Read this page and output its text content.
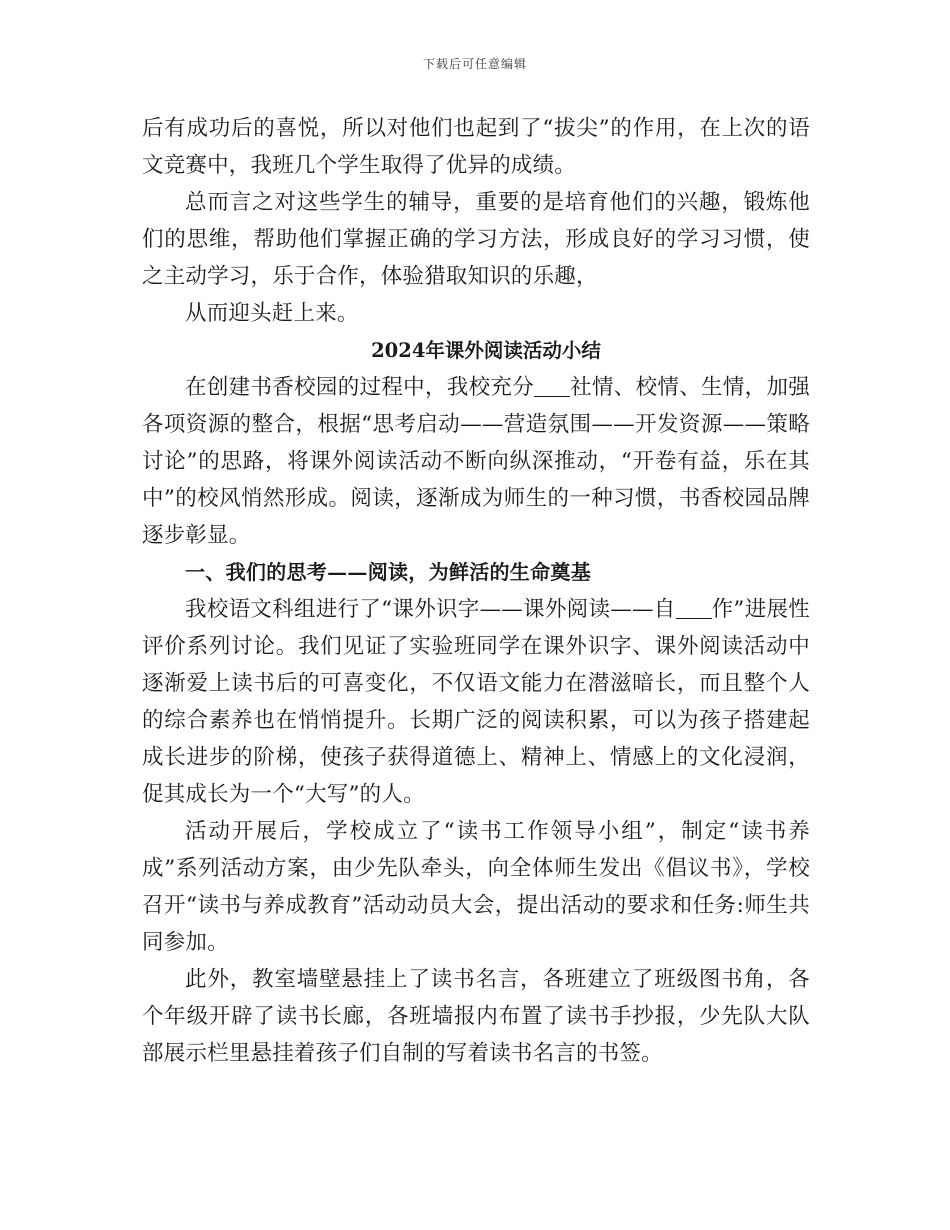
下载后可任意编辑

后有成功后的喜悦，所以对他们也起到了“拔尖”的作用，在上次的语文竞赛中，我班几个学生取得了优异的成绩。

总而言之对这些学生的辅导，重要的是培育他们的兴趣，锻炼他们的思维，帮助他们掌握正确的学习方法，形成良好的学习习惯，使之主动学习，乐于合作，体验猎取知识的乐趣，

从而迎头赶上来。

2024年课外阅读活动小结

在创建书香校园的过程中，我校充分 社情、校情、生情，加强各项资源的整合，根据“思考启动——营造氛围——开发资源——策略讨论”的思路，将课外阅读活动不断向纵深推动，“开卷有益，乐在其中”的校风悄然形成。阅读，逐渐成为师生的一种习惯，书香校园品牌逐步彰显。

一、我们的思考——阅读，为鲜活的生命奠基

我校语文科组进行了“课外识字——课外阅读——自 作”进展性评价系列讨论。我们见证了实验班同学在课外识字、课外阅读活动中逐渐爱上读书后的可喜变化，不仅语文能力在潜滋暗长，而且整个人的综合素养也在悄悄提升。长期广泛的阅读积累，可以为孩子搭建起成长进步的阶梯，使孩子获得道德上、精神上、情感上的文化浸润，促其成长为一个“大写”的人。

活动开展后，学校成立了“读书工作领导小组”，制定“读书养成”系列活动方案，由少先队牵头，向全体师生发出《倡议书》，学校召开“读书与养成教育”活动动员大会，提出活动的要求和任务:师生共同参加。

此外，教室墙壁悬挂上了读书名言，各班建立了班级图书角，各个年级开辟了读书长廊，各班墙报内布置了读书手抄报，少先队大队部展示栏里悬挂着孩子们自制的写着读书名言的书签。
